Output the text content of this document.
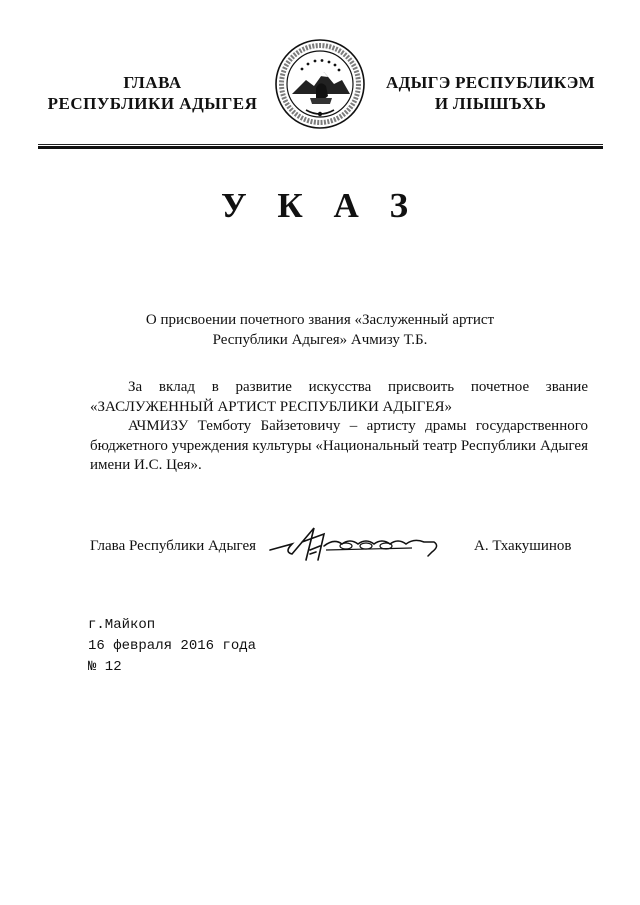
ГЛАВА
РЕСПУБЛИКИ АДЫГЕЯ
АДЫГЭ РЕСПУБЛИКЭМ
И ЛІЫШЪХЬ
У К А З
О присвоении почетного звания «Заслуженный артист
Республики Адыгея» Ачмизу Т.Б.

За вклад в развитие искусства присвоить почетное звание

«ЗАСЛУЖЕННЫЙ АРТИСТ РЕСПУБЛИКИ АДЫГЕЯ»

АЧМИЗУ Темботу Байзетовичу – артисту драмы государственного бюджетного учреждения культуры «Национальный театр Республики Адыгея имени И.С. Цея».

Глава Республики Адыгея	А. Тхакушинов
г.Майкоп
16 февраля 2016 года
№ 12
